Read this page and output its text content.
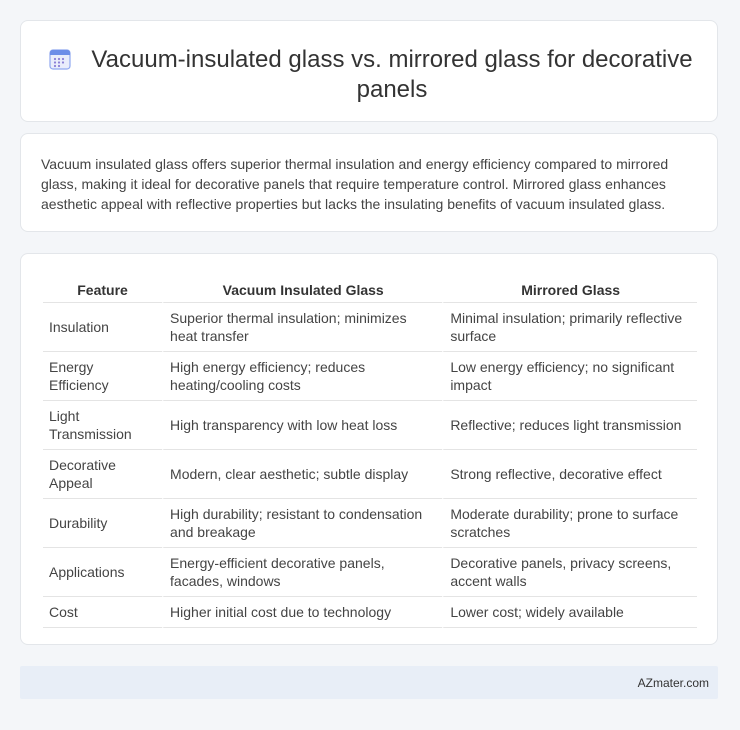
Vacuum-insulated glass vs. mirrored glass for decorative panels

Vacuum insulated glass offers superior thermal insulation and energy efficiency compared to mirrored glass, making it ideal for decorative panels that require temperature control. Mirrored glass enhances aesthetic appeal with reflective properties but lacks the insulating benefits of vacuum insulated glass.

Feature	Vacuum Insulated Glass	Mirrored Glass
Insulation	Superior thermal insulation; minimizes heat transfer	Minimal insulation; primarily reflective surface
Energy Efficiency	High energy efficiency; reduces heating/cooling costs	Low energy efficiency; no significant impact
Light Transmission	High transparency with low heat loss	Reflective; reduces light transmission
Decorative Appeal	Modern, clear aesthetic; subtle display	Strong reflective, decorative effect
Durability	High durability; resistant to condensation and breakage	Moderate durability; prone to surface scratches
Applications	Energy-efficient decorative panels, facades, windows	Decorative panels, privacy screens, accent walls
Cost	Higher initial cost due to technology	Lower cost; widely available
AZmater.com
